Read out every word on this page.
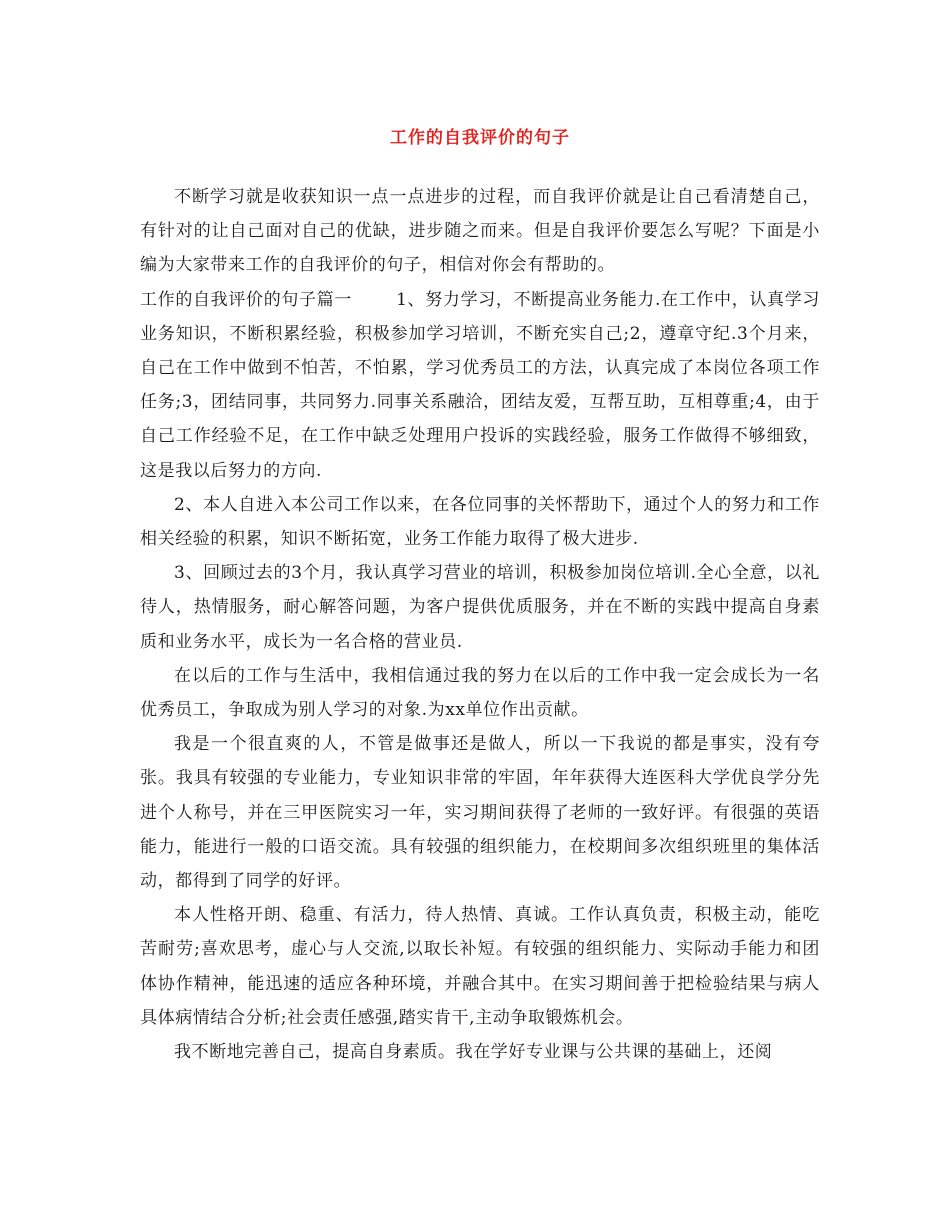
工作的自我评价的句子

不断学习就是收获知识一点一点进步的过程，而自我评价就是让自己看清楚自己，有针对的让自己面对自己的优缺，进步随之而来。但是自我评价要怎么写呢？下面是小编为大家带来工作的自我评价的句子，相信对你会有帮助的。

工作的自我评价的句子篇一	1、努力学习，不断提高业务能力.在工作中，认真学习业务知识，不断积累经验，积极参加学习培训，不断充实自己;2，遵章守纪.3个月来，自己在工作中做到不怕苦，不怕累，学习优秀员工的方法，认真完成了本岗位各项工作任务;3，团结同事，共同努力.同事关系融洽，团结友爱，互帮互助，互相尊重;4，由于自己工作经验不足，在工作中缺乏处理用户投诉的实践经验，服务工作做得不够细致，这是我以后努力的方向.

2、本人自进入本公司工作以来，在各位同事的关怀帮助下，通过个人的努力和工作相关经验的积累，知识不断拓宽，业务工作能力取得了极大进步.

3、回顾过去的3个月，我认真学习营业的培训，积极参加岗位培训.全心全意，以礼待人，热情服务，耐心解答问题，为客户提供优质服务，并在不断的实践中提高自身素质和业务水平，成长为一名合格的营业员.

在以后的工作与生活中，我相信通过我的努力在以后的工作中我一定会成长为一名优秀员工，争取成为别人学习的对象.为xx单位作出贡献。

我是一个很直爽的人，不管是做事还是做人，所以一下我说的都是事实，没有夸张。我具有较强的专业能力，专业知识非常的牢固，年年获得大连医科大学优良学分先进个人称号，并在三甲医院实习一年，实习期间获得了老师的一致好评。有很强的英语能力，能进行一般的口语交流。具有较强的组织能力，在校期间多次组织班里的集体活动，都得到了同学的好评。

本人性格开朗、稳重、有活力，待人热情、真诚。工作认真负责，积极主动，能吃苦耐劳;喜欢思考，虚心与人交流,以取长补短。有较强的组织能力、实际动手能力和团体协作精神，能迅速的适应各种环境，并融合其中。在实习期间善于把检验结果与病人具体病情结合分析;社会责任感强,踏实肯干,主动争取锻炼机会。

我不断地完善自己，提高自身素质。我在学好专业课与公共课的基础上，还阅
